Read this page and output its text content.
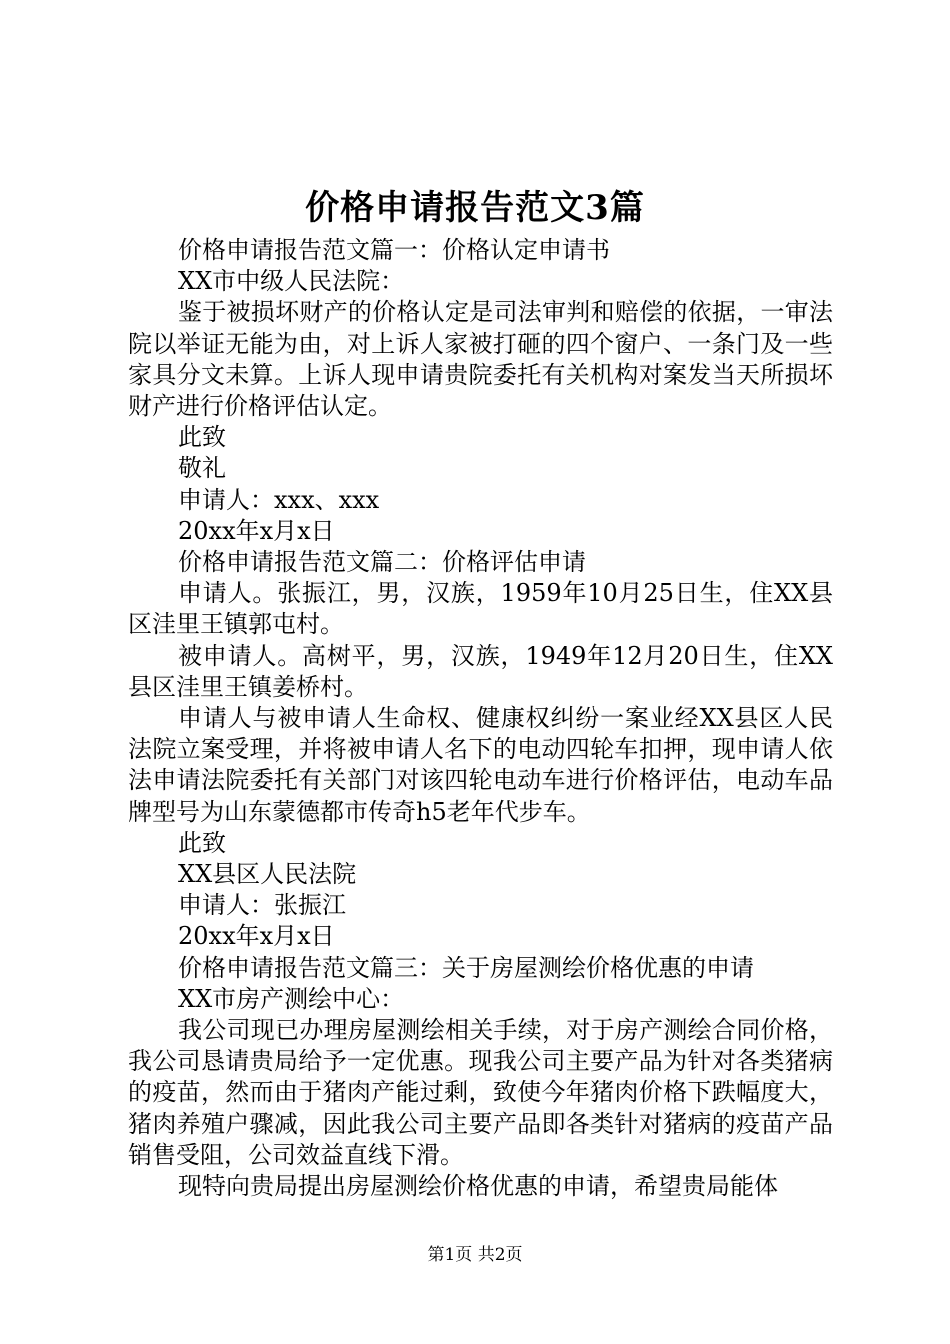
价格申请报告范文3篇

价格申请报告范文篇一：价格认定申请书

XX市中级人民法院：

鉴于被损坏财产的价格认定是司法审判和赔偿的依据，一审法院以举证无能为由，对上诉人家被打砸的四个窗户、一条门及一些家具分文未算。上诉人现申请贵院委托有关机构对案发当天所损坏财产进行价格评估认定。

此致

敬礼

申请人：xxx、xxx

20xx年x月x日

价格申请报告范文篇二：价格评估申请

申请人。张振江，男，汉族，1959年10月25日生，住XX县区洼里王镇郭屯村。

被申请人。高树平，男，汉族，1949年12月20日生，住XX县区洼里王镇姜桥村。

申请人与被申请人生命权、健康权纠纷一案业经XX县区人民法院立案受理，并将被申请人名下的电动四轮车扣押，现申请人依法申请法院委托有关部门对该四轮电动车进行价格评估，电动车品牌型号为山东蒙德都市传奇h5老年代步车。

此致

XX县区人民法院

申请人：张振江

20xx年x月x日

价格申请报告范文篇三：关于房屋测绘价格优惠的申请

XX市房产测绘中心：

我公司现已办理房屋测绘相关手续，对于房产测绘合同价格，我公司恳请贵局给予一定优惠。现我公司主要产品为针对各类猪病的疫苗，然而由于猪肉产能过剩，致使今年猪肉价格下跌幅度大，猪肉养殖户骤减，因此我公司主要产品即各类针对猪病的疫苗产品销售受阻，公司效益直线下滑。

现特向贵局提出房屋测绘价格优惠的申请，希望贵局能体

第1页 共2页
